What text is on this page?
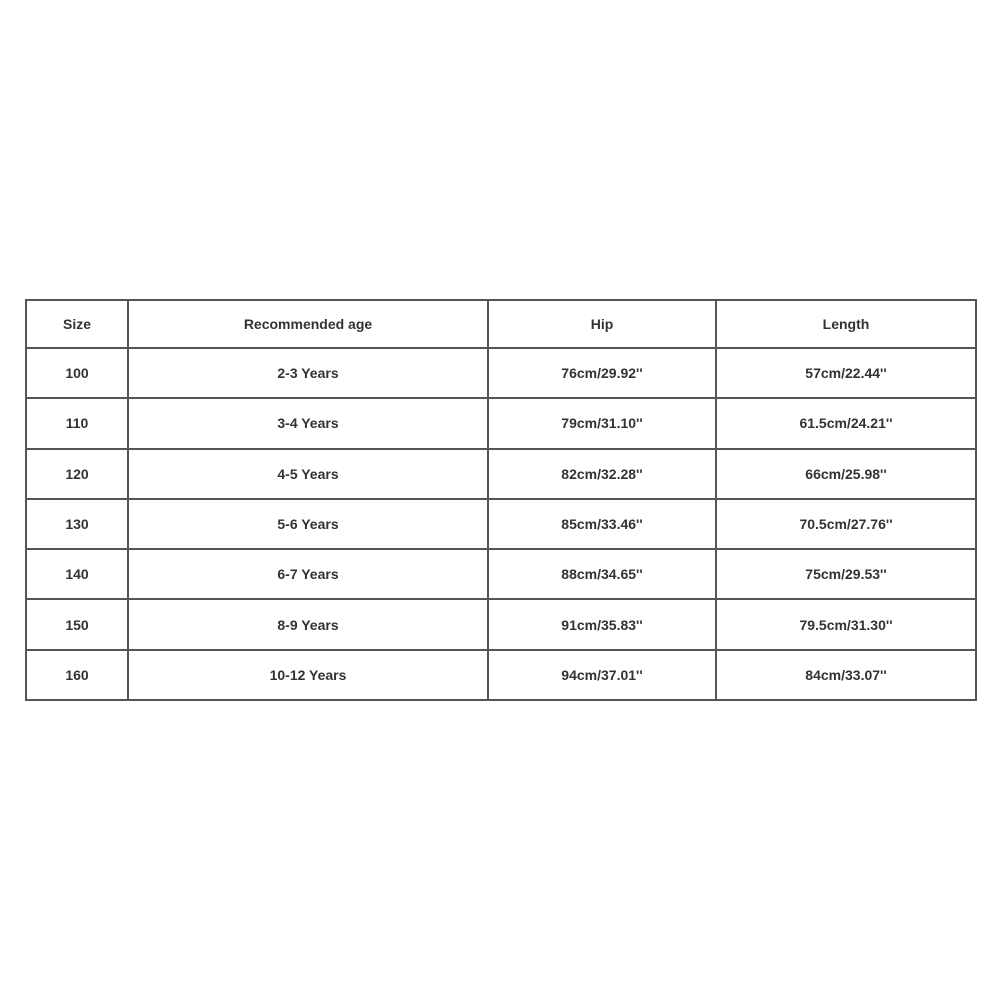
Size	Recommended age	Hip	Length
100	2-3 Years	76cm/29.92''	57cm/22.44''
110	3-4 Years	79cm/31.10''	61.5cm/24.21''
120	4-5 Years	82cm/32.28''	66cm/25.98''
130	5-6 Years	85cm/33.46''	70.5cm/27.76''
140	6-7 Years	88cm/34.65''	75cm/29.53''
150	8-9 Years	91cm/35.83''	79.5cm/31.30''
160	10-12 Years	94cm/37.01''	84cm/33.07''
